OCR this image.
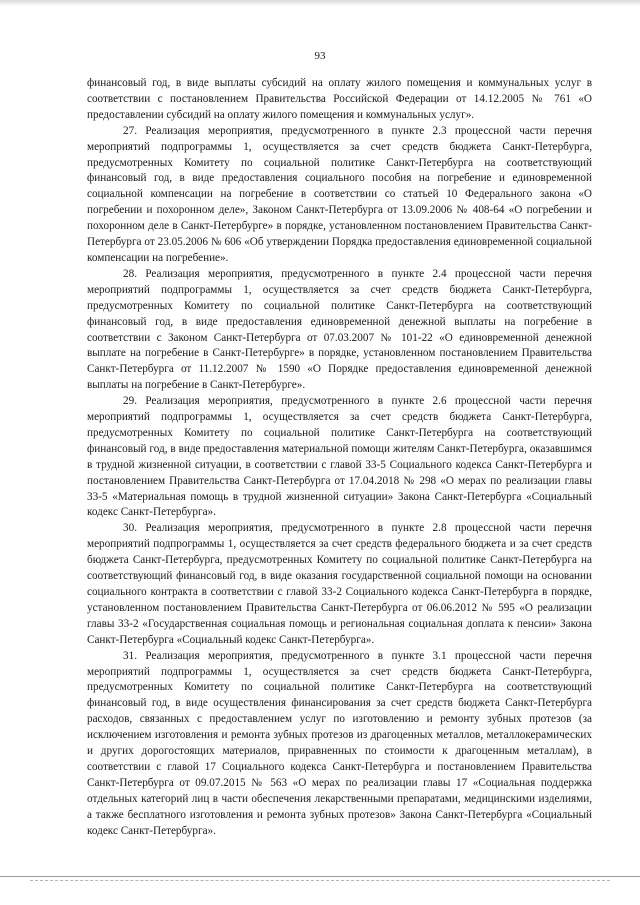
93

финансовый год, в виде выплаты субсидий на оплату жилого помещения и коммунальных услуг в соответствии с постановлением Правительства Российской Федерации от 14.12.2005 № 761 «О предоставлении субсидий на оплату жилого помещения и коммунальных услуг».

27. Реализация мероприятия, предусмотренного в пункте 2.3 процессной части перечня мероприятий подпрограммы 1, осуществляется за счет средств бюджета Санкт-Петербурга, предусмотренных Комитету по социальной политике Санкт-Петербурга на соответствующий финансовый год, в виде предоставления социального пособия на погребение и единовременной социальной компенсации на погребение в соответствии со статьей 10 Федерального закона «О погребении и похоронном деле», Законом Санкт-Петербурга от 13.09.2006 № 408-64 «О погребении и похоронном деле в Санкт-Петербурге» в порядке, установленном постановлением Правительства Санкт-Петербурга от 23.05.2006 № 606 «Об утверждении Порядка предоставления единовременной социальной компенсации на погребение».

28. Реализация мероприятия, предусмотренного в пункте 2.4 процессной части перечня мероприятий подпрограммы 1, осуществляется за счет средств бюджета Санкт-Петербурга, предусмотренных Комитету по социальной политике Санкт-Петербурга на соответствующий финансовый год, в виде предоставления единовременной денежной выплаты на погребение в соответствии с Законом Санкт-Петербурга от 07.03.2007 № 101-22 «О единовременной денежной выплате на погребение в Санкт-Петербурге» в порядке, установленном постановлением Правительства Санкт-Петербурга от 11.12.2007 № 1590 «О Порядке предоставления единовременной денежной выплаты на погребение в Санкт-Петербурге».

29. Реализация мероприятия, предусмотренного в пункте 2.6 процессной части перечня мероприятий подпрограммы 1, осуществляется за счет средств бюджета Санкт-Петербурга, предусмотренных Комитету по социальной политике Санкт-Петербурга на соответствующий финансовый год, в виде предоставления материальной помощи жителям Санкт-Петербурга, оказавшимся в трудной жизненной ситуации, в соответствии с главой 33-5 Социального кодекса Санкт-Петербурга и постановлением Правительства Санкт-Петербурга от 17.04.2018 № 298 «О мерах по реализации главы 33-5 «Материальная помощь в трудной жизненной ситуации» Закона Санкт-Петербурга «Социальный кодекс Санкт-Петербурга».

30. Реализация мероприятия, предусмотренного в пункте 2.8 процессной части перечня мероприятий подпрограммы 1, осуществляется за счет средств федерального бюджета и за счет средств бюджета Санкт-Петербурга, предусмотренных Комитету по социальной политике Санкт-Петербурга на соответствующий финансовый год, в виде оказания государственной социальной помощи на основании социального контракта в соответствии с главой 33-2 Социального кодекса Санкт-Петербурга в порядке, установленном постановлением Правительства Санкт-Петербурга от 06.06.2012 № 595 «О реализации главы 33-2 «Государственная социальная помощь и региональная социальная доплата к пенсии» Закона Санкт-Петербурга «Социальный кодекс Санкт-Петербурга».

31. Реализация мероприятия, предусмотренного в пункте 3.1 процессной части перечня мероприятий подпрограммы 1, осуществляется за счет средств бюджета Санкт-Петербурга, предусмотренных Комитету по социальной политике Санкт-Петербурга на соответствующий финансовый год, в виде осуществления финансирования за счет средств бюджета Санкт-Петербурга расходов, связанных с предоставлением услуг по изготовлению и ремонту зубных протезов (за исключением изготовления и ремонта зубных протезов из драгоценных металлов, металлокерамических и других дорогостоящих материалов, приравненных по стоимости к драгоценным металлам), в соответствии с главой 17 Социального кодекса Санкт-Петербурга и постановлением Правительства Санкт-Петербурга от 09.07.2015 № 563 «О мерах по реализации главы 17 «Социальная поддержка отдельных категорий лиц в части обеспечения лекарственными препаратами, медицинскими изделиями, а также бесплатного изготовления и ремонта зубных протезов» Закона Санкт-Петербурга «Социальный кодекс Санкт-Петербурга».
